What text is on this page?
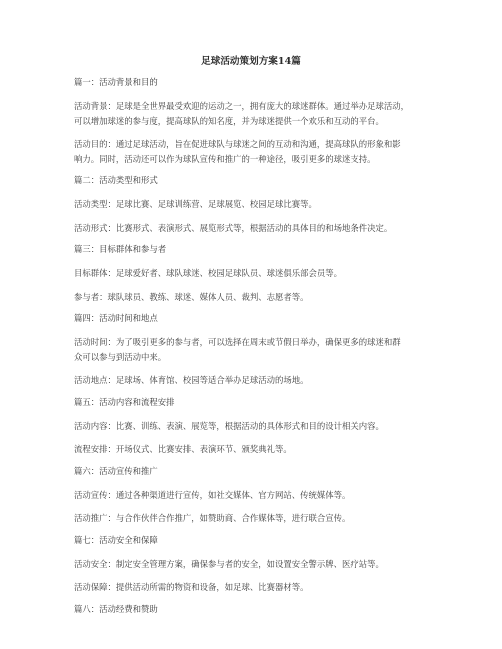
足球活动策划方案14篇
篇一：活动背景和目的
活动背景：足球是全世界最受欢迎的运动之一，拥有庞大的球迷群体。通过举办足球活动，
可以增加球迷的参与度，提高球队的知名度，并为球迷提供一个欢乐和互动的平台。
活动目的：通过足球活动，旨在促进球队与球迷之间的互动和沟通，提高球队的形象和影
响力。同时，活动还可以作为球队宣传和推广的一种途径，吸引更多的球迷支持。
篇二：活动类型和形式
活动类型：足球比赛、足球训练营、足球展览、校园足球比赛等。
活动形式：比赛形式、表演形式、展览形式等，根据活动的具体目的和场地条件决定。
篇三：目标群体和参与者
目标群体：足球爱好者、球队球迷、校园足球队员、球迷俱乐部会员等。
参与者：球队球员、教练、球迷、媒体人员、裁判、志愿者等。
篇四：活动时间和地点
活动时间：为了吸引更多的参与者，可以选择在周末或节假日举办，确保更多的球迷和群
众可以参与到活动中来。
活动地点：足球场、体育馆、校园等适合举办足球活动的场地。
篇五：活动内容和流程安排
活动内容：比赛、训练、表演、展览等，根据活动的具体形式和目的设计相关内容。
流程安排：开场仪式、比赛安排、表演环节、颁奖典礼等。
篇六：活动宣传和推广
活动宣传：通过各种渠道进行宣传，如社交媒体、官方网站、传统媒体等。
活动推广：与合作伙伴合作推广，如赞助商、合作媒体等，进行联合宣传。
篇七：活动安全和保障
活动安全：制定安全管理方案，确保参与者的安全，如设置安全警示牌、医疗站等。
活动保障：提供活动所需的物资和设备，如足球、比赛器材等。
篇八：活动经费和赞助
